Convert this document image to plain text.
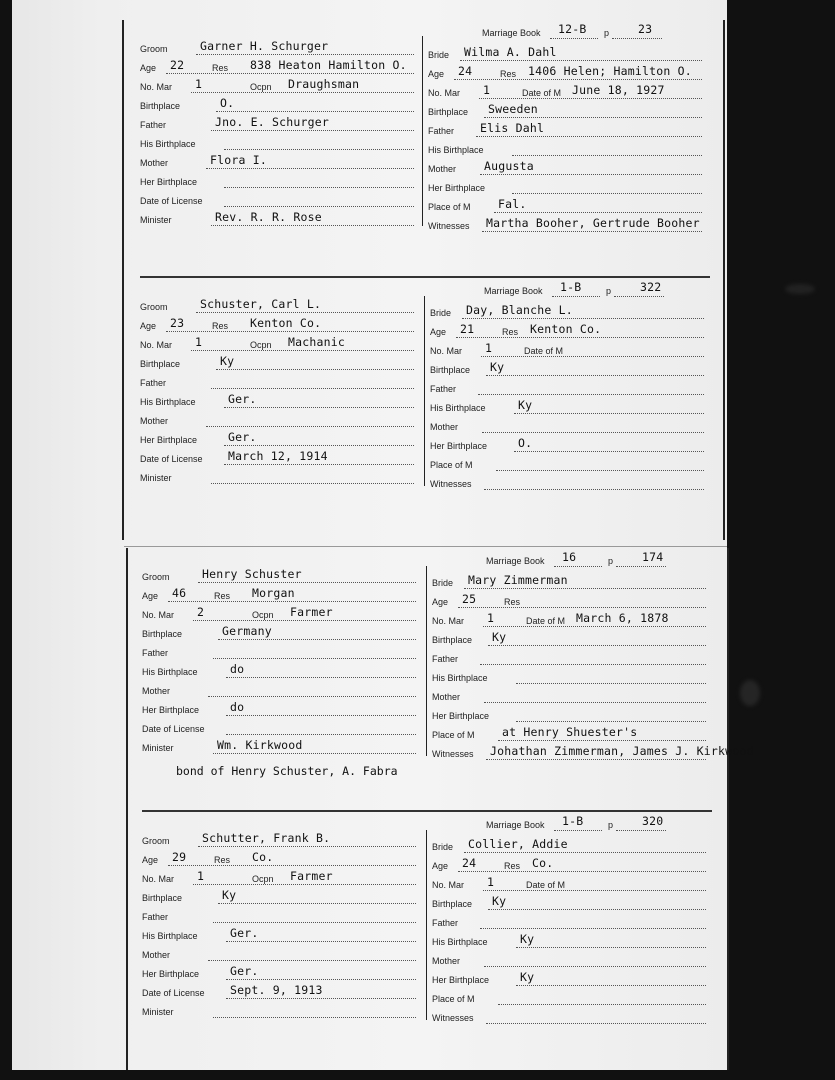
Marriage Book 12-B p	23
Groom	Garner H. Schurger
Age 22
No. Mar 1
Birthplace	O.
Father	Jno. E. Schurger
His Birthplace
Mother	Flora I.
Her Birthplace
Date of License
Minister	Rev. R. R. Rose
Res 838 Heaton Hamilton O.
Ocpn Draughsman
Bride Wilma A. Dahl
Age 24
No. Mar 1
Birthplace Sweeden
Father Elis Dahl
His Birthplace
Mother Augusta
Her Birthplace
Place of M Fal.
Witnesses Martha Booher, Gertrude Booher
Res 1406 Helen; Hamilton O.
Date of M June 18, 1927
Marriage Book 1-B	p	322
Groom	Schuster, Carl L.
Age 23
No. Mar 1
Birthplace	Ky
Father
His Birthplace	Ger.
Mother
Her Birthplace	Ger.
Date of License March 12, 1914
Minister
Res Kenton Co.
Ocpn Machanic
Bride Day, Blanche L.
Age 21
No. Mar 1
Birthplace Ky
Father
His Birthplace	Ky
Mother
Her Birthplace	O.
Place of M
Witnesses
Res Kenton Co.
Date of M
Marriage Book 16	p	174
Groom	Henry Schuster
Age 46
No. Mar 2
Birthplace	Germany
Father
His Birthplace	do
Mother
Her Birthplace	do
Date of License
Minister	Wm. Kirkwood
Res Morgan
Ocpn Farmer
Bride Mary Zimmerman
Age 25
No. Mar 1
Birthplace Ky
Father
His Birthplace
Mother
Her Birthplace
Place of M at Henry Shuester's
Witnesses Johathan Zimmerman, James J. Kirkwood
Res
Date of M March 6, 1878
bond of Henry Schuster, A. Fabra
Marriage Book 1-B	p	320
Groom	Schutter, Frank B.
Age 29
No. Mar 1
Birthplace	Ky
Father
His Birthplace	Ger.
Mother
Her Birthplace	Ger.
Date of License Sept. 9, 1913
Minister
Res Co.
Ocpn Farmer
Bride Collier, Addie
Age 24
No. Mar 1
Birthplace Ky
Father
His Birthplace	Ky
Mother
Her Birthplace	Ky
Place of M
Witnesses
Res Co.
Date of M
